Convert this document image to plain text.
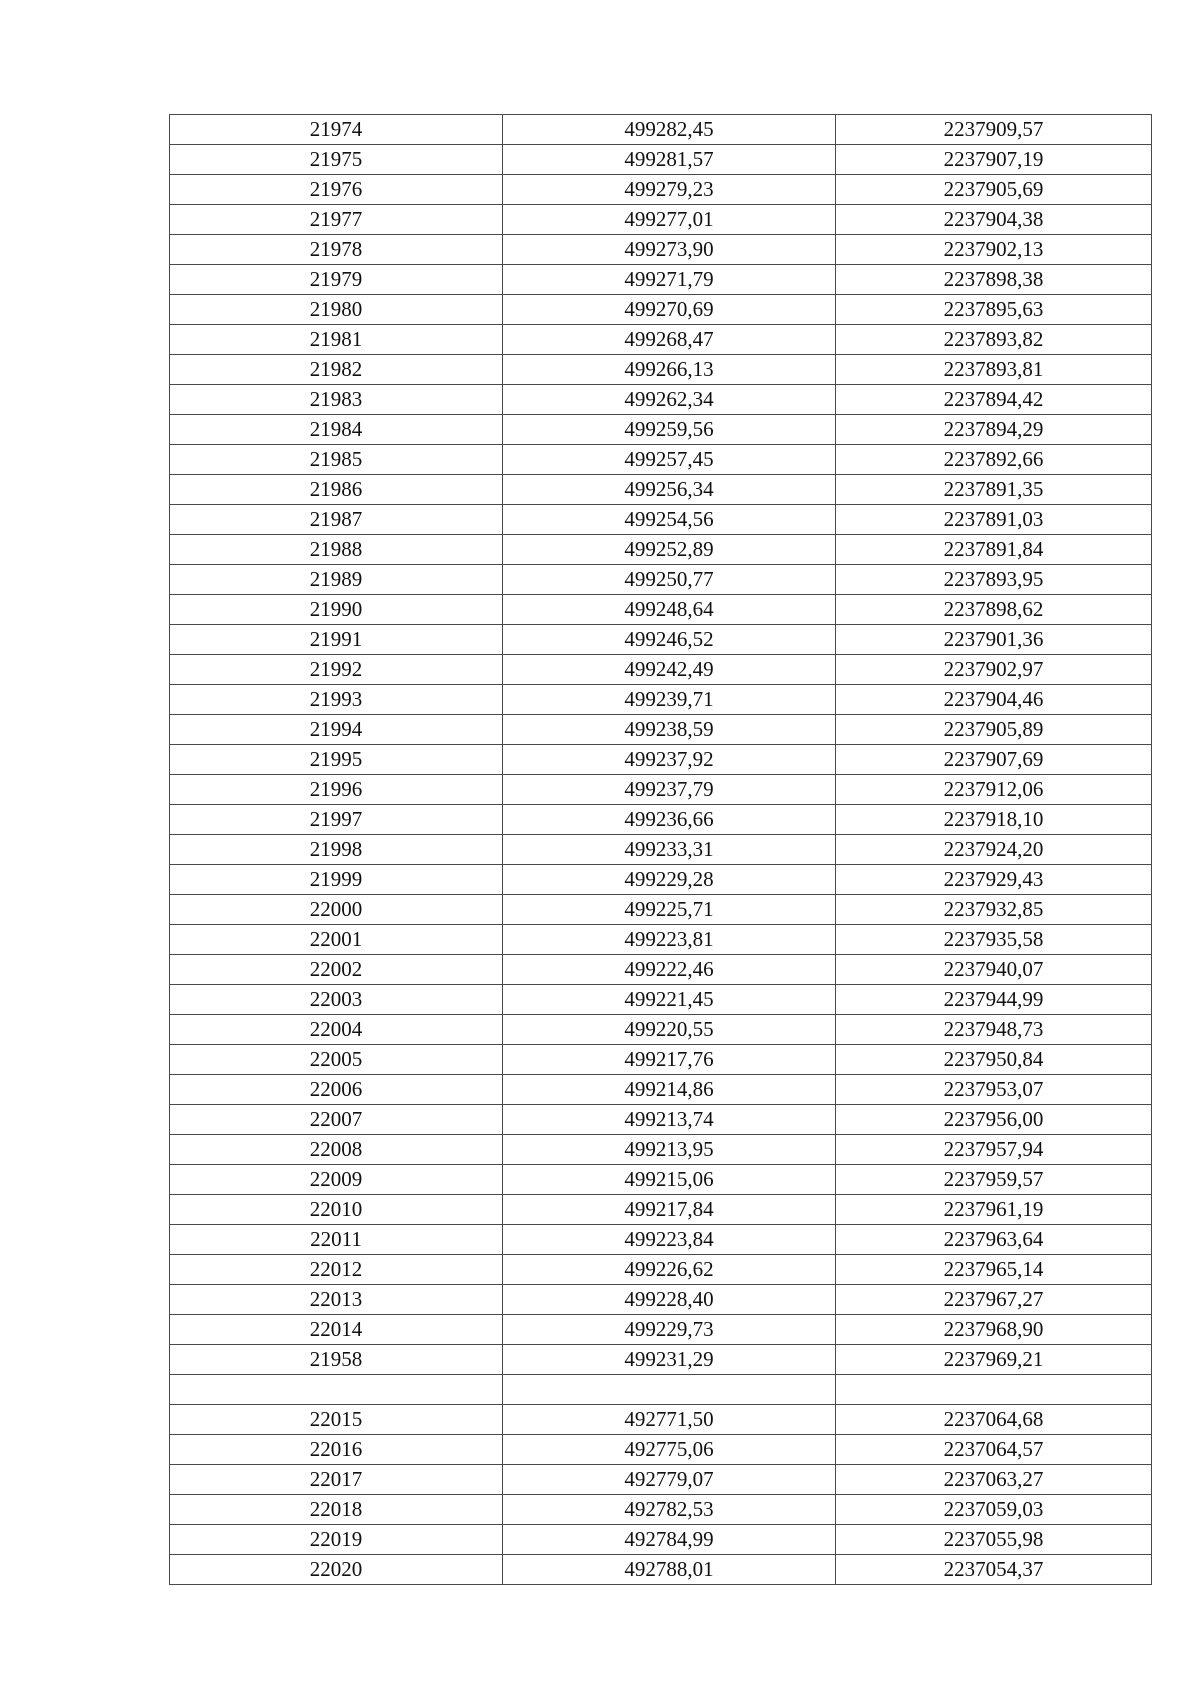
21974	499282,45	2237909,57
21975	499281,57	2237907,19
21976	499279,23	2237905,69
21977	499277,01	2237904,38
21978	499273,90	2237902,13
21979	499271,79	2237898,38
21980	499270,69	2237895,63
21981	499268,47	2237893,82
21982	499266,13	2237893,81
21983	499262,34	2237894,42
21984	499259,56	2237894,29
21985	499257,45	2237892,66
21986	499256,34	2237891,35
21987	499254,56	2237891,03
21988	499252,89	2237891,84
21989	499250,77	2237893,95
21990	499248,64	2237898,62
21991	499246,52	2237901,36
21992	499242,49	2237902,97
21993	499239,71	2237904,46
21994	499238,59	2237905,89
21995	499237,92	2237907,69
21996	499237,79	2237912,06
21997	499236,66	2237918,10
21998	499233,31	2237924,20
21999	499229,28	2237929,43
22000	499225,71	2237932,85
22001	499223,81	2237935,58
22002	499222,46	2237940,07
22003	499221,45	2237944,99
22004	499220,55	2237948,73
22005	499217,76	2237950,84
22006	499214,86	2237953,07
22007	499213,74	2237956,00
22008	499213,95	2237957,94
22009	499215,06	2237959,57
22010	499217,84	2237961,19
22011	499223,84	2237963,64
22012	499226,62	2237965,14
22013	499228,40	2237967,27
22014	499229,73	2237968,90
21958	499231,29	2237969,21

22015	492771,50	2237064,68
22016	492775,06	2237064,57
22017	492779,07	2237063,27
22018	492782,53	2237059,03
22019	492784,99	2237055,98
22020	492788,01	2237054,37
